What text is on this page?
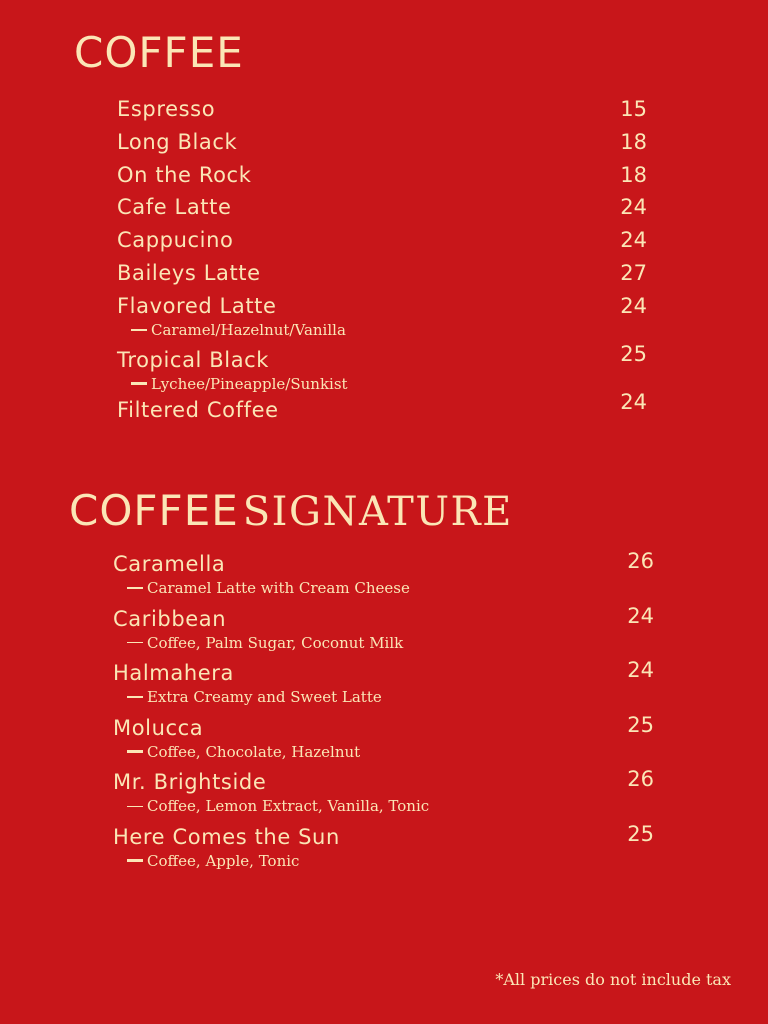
COFFEE
Espresso	15
Long Black	18
On the Rock	18
Cafe Latte	24
Cappucino	24
Baileys Latte	27
Flavored Latte	24
Caramel/Hazelnut/Vanilla
Tropical Black	25
Lychee/Pineapple/Sunkist
Filtered Coffee	24
COFFEE SIGNATURE
Caramella	26
Caramel Latte with Cream Cheese
Caribbean	24
Coffee, Palm Sugar, Coconut Milk
Halmahera	24
Extra Creamy and Sweet Latte
Molucca	25
Coffee, Chocolate, Hazelnut
Mr. Brightside	26
Coffee, Lemon Extract, Vanilla, Tonic
Here Comes the Sun	25
Coffee, Apple, Tonic
*All prices do not include tax
